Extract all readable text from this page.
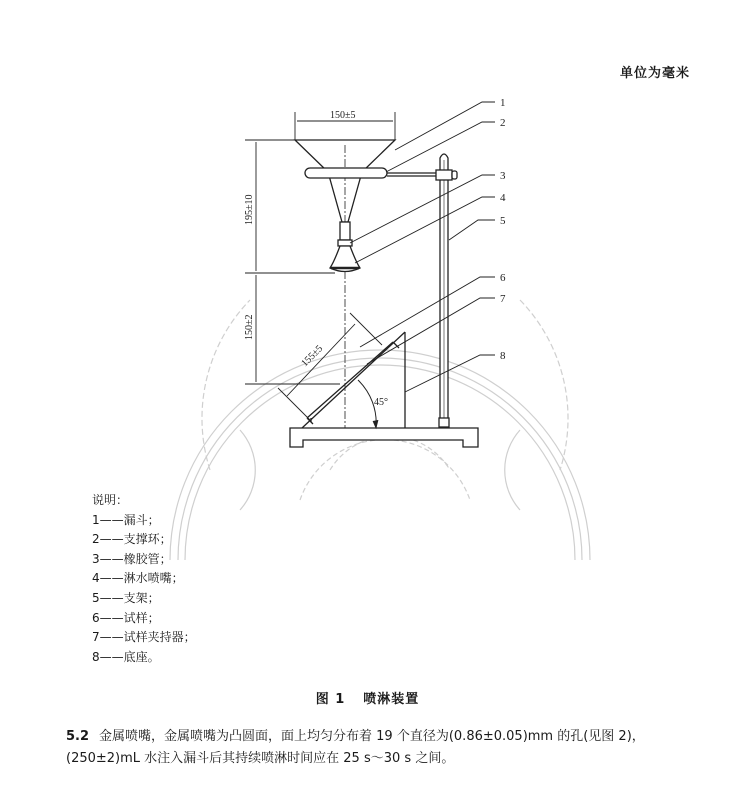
单位为毫米
150±5
195±10
150±2
155±5
45°
1
2
3
4
5
6
7
8
说明：
1——漏斗；
2——支撑环；
3——橡胶管；
4——淋水喷嘴；
5——支架；
6——试样；
7——试样夹持器；
8——底座。
图 1 喷淋装置
5.2 金属喷嘴，金属喷嘴为凸圆面，面上均匀分布着 19 个直径为(0.86±0.05)mm 的孔(见图 2)，
(250±2)mL 水注入漏斗后其持续喷淋时间应在 25 s～30 s 之间。
